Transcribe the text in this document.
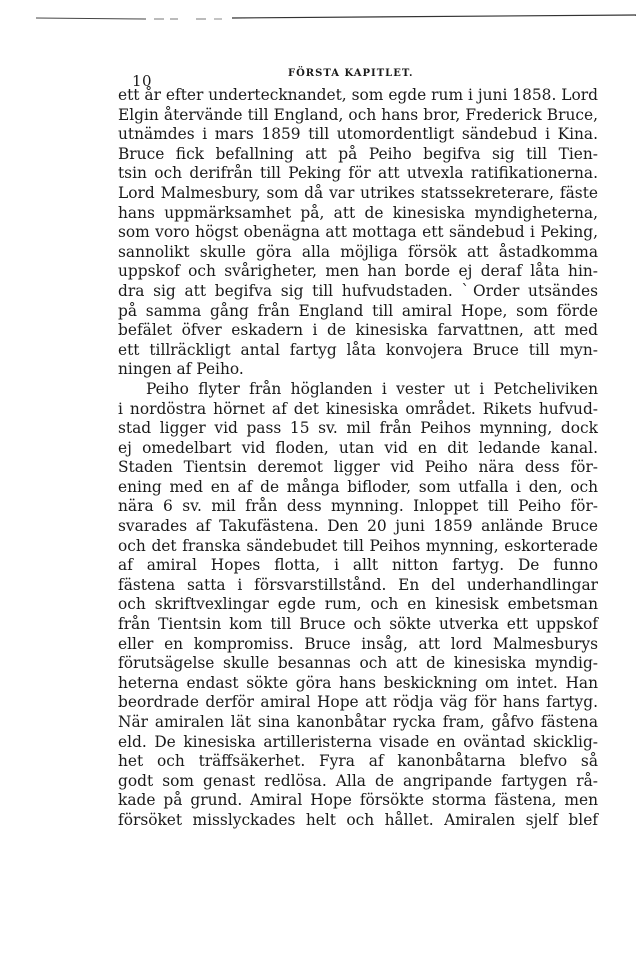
10	FÖRSTA KAPITLET.
ett år efter undertecknandet, som egde rum i juni 1858. Lord
Elgin återvände till England, och hans bror, Frederick Bruce,
utnämdes i mars 1859 till utomordentligt sändebud i Kina.
Bruce fick befallning att på Peiho begifva sig till Tien-
tsin och derifrån till Peking för att utvexla ratifikationerna.
Lord Malmesbury, som då var utrikes statssekreterare, fäste
hans uppmärksamhet på, att de kinesiska myndigheterna,
som voro högst obenägna att mottaga ett sändebud i Peking,
sannolikt skulle göra alla möjliga försök att åstadkomma
uppskof och svårigheter, men han borde ej deraf låta hin-
dra sig att begifva sig till hufvudstaden. ˋOrder utsändes
på samma gång från England till amiral Hope, som förde
befälet öfver eskadern i de kinesiska farvattnen, att med
ett tillräckligt antal fartyg låta konvojera Bruce till myn-
ningen af Peiho.
Peiho flyter från höglanden i vester ut i Petcheliviken
i nordöstra hörnet af det kinesiska området. Rikets hufvud-
stad ligger vid pass 15 sv. mil från Peihos mynning, dock
ej omedelbart vid floden, utan vid en dit ledande kanal.
Staden Tientsin deremot ligger vid Peiho nära dess för-
ening med en af de många bifloder, som utfalla i den, och
nära 6 sv. mil från dess mynning. Inloppet till Peiho för-
svarades af Takufästena. Den 20 juni 1859 anlände Bruce
och det franska sändebudet till Peihos mynning, eskorterade
af amiral Hopes flotta, i allt nitton fartyg. De funno
fästena satta i försvarstillstånd. En del underhandlingar
och skriftvexlingar egde rum, och en kinesisk embetsman
från Tientsin kom till Bruce och sökte utverka ett uppskof
eller en kompromiss. Bruce insåg, att lord Malmesburys
förutsägelse skulle besannas och att de kinesiska myndig-
heterna endast sökte göra hans beskickning om intet. Han
beordrade derför amiral Hope att rödja väg för hans fartyg.
När amiralen lät sina kanonbåtar rycka fram, gåfvo fästena
eld. De kinesiska artilleristerna visade en oväntad skicklig-
het och träffsäkerhet. Fyra af kanonbåtarna blefvo så
godt som genast redlösa. Alla de angripande fartygen rå-
kade på grund. Amiral Hope försökte storma fästena, men
försöket misslyckades helt och hållet. Amiralen sjelf blef
